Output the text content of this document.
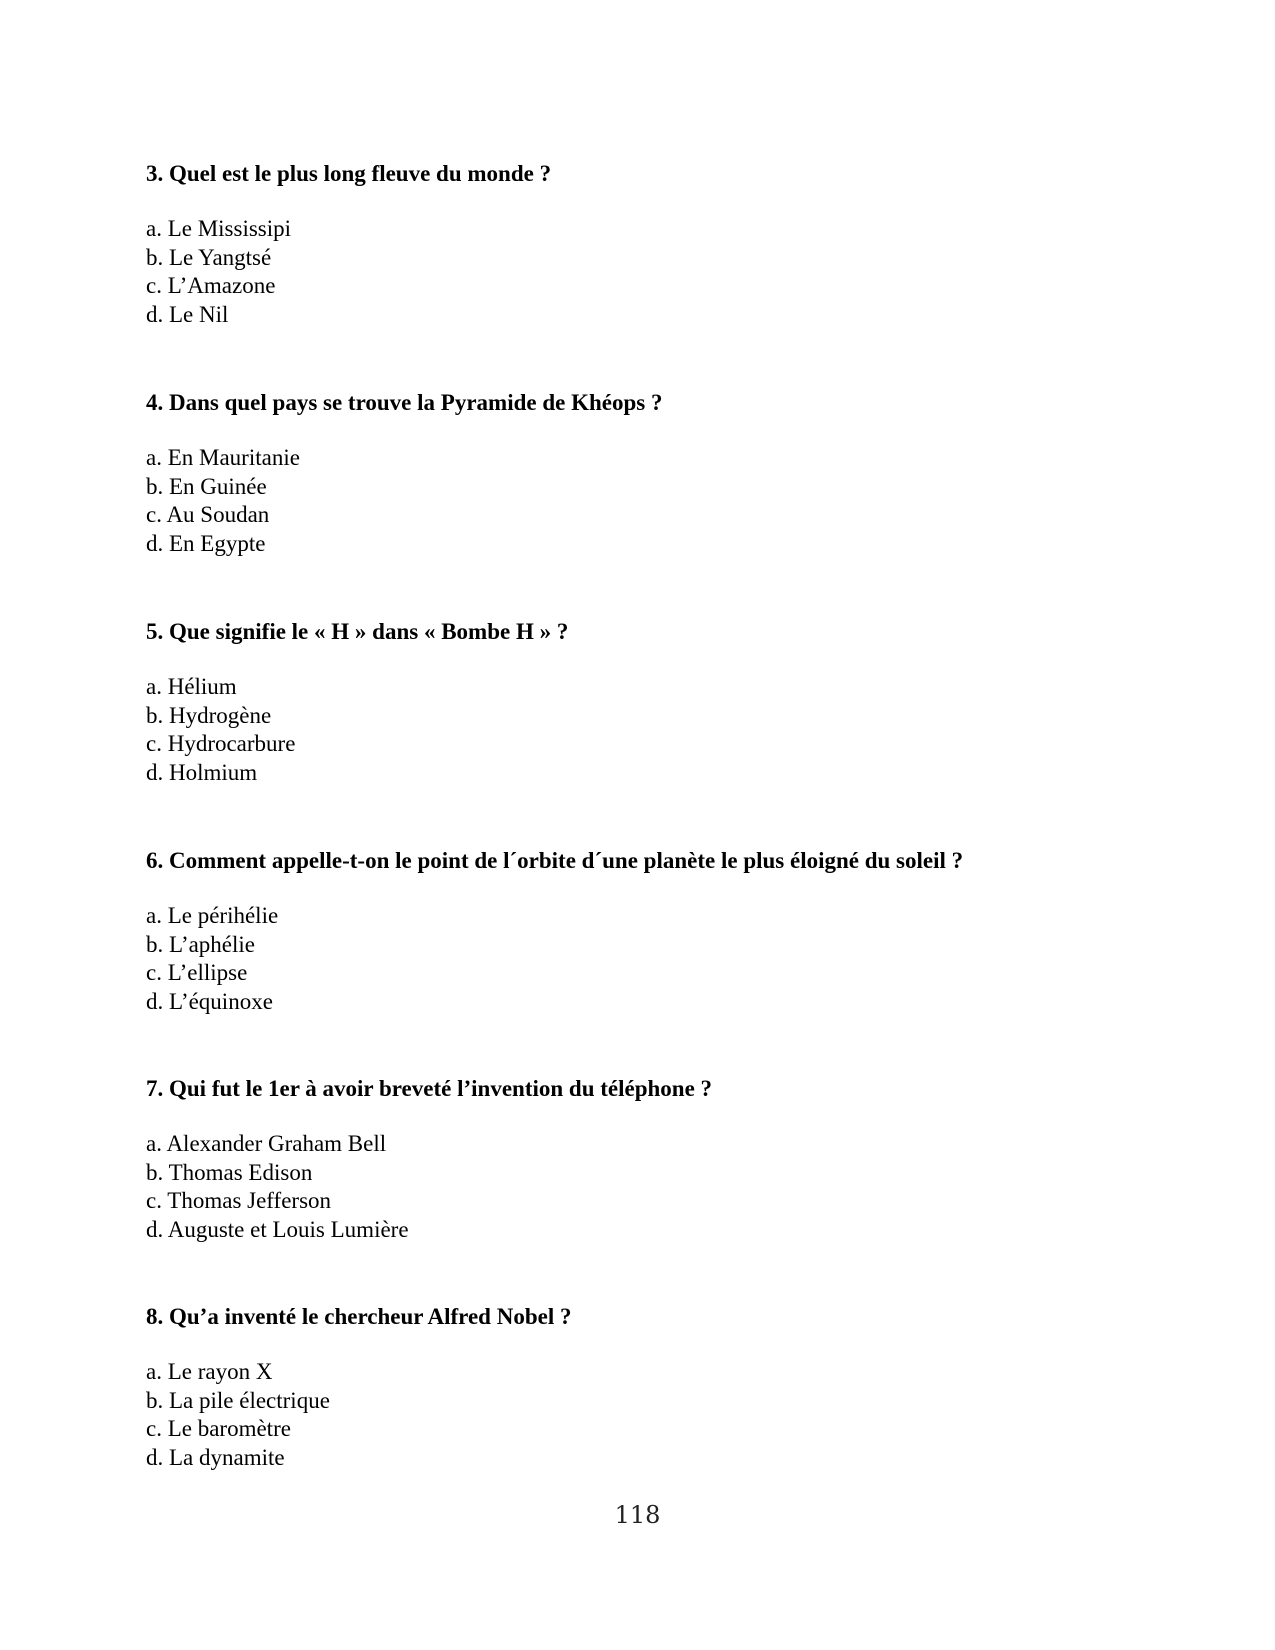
3. Quel est le plus long fleuve du monde ?

a. Le Mississipi
b. Le Yangtsé
c. L’Amazone
d. Le Nil

4. Dans quel pays se trouve la Pyramide de Khéops ?

a. En Mauritanie
b. En Guinée
c. Au Soudan
d. En Egypte

5. Que signifie le « H » dans « Bombe H » ?

a. Hélium
b. Hydrogène
c. Hydrocarbure
d. Holmium

6. Comment appelle-t-on le point de l´orbite d´une planète le plus éloigné du soleil ?

a. Le périhélie
b. L’aphélie
c. L’ellipse
d. L’équinoxe

7. Qui fut le 1er à avoir breveté l’invention du téléphone ?

a. Alexander Graham Bell
b. Thomas Edison
c. Thomas Jefferson
d. Auguste et Louis Lumière

8. Qu’a inventé le chercheur Alfred Nobel ?

a. Le rayon X
b. La pile électrique
c. Le baromètre
d. La dynamite
118
